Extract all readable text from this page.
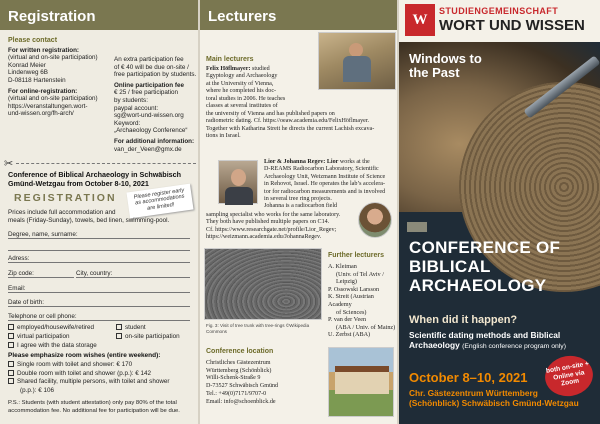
Registration
Please contact
For written registration:
(virtual and on-site participation)
Konrad Meier
Lindenweg 6B
D-08118 Hartenstein
For online-registration:
(virtual and on-site participation)
https://veranstaltungen.wort-
und-wissen.org/fh-arch/
An extra participation fee
of € 40 will be due on-site /
free participation by students.
Online participation fee
€ 25 / free participation
by students:
paypal account:
sg@wort-und-wissen.org
Keyword:
„Archaeology Conference“
For additional information:
van_der_Veen@gmx.de
✂
Conference of Biblical Archaeology in Schwäbisch
Gmünd-Wetzgau from October 8-10, 2021
REGISTRATION	Please register early as accommodations are limited!
Prices include full accommodation and
meals (Friday-Sunday), towels, bed linen, swimming-pool.
Degree, name, surname:
Adress:
Zip code:	City, country:
Email:
Date of birth:
Telephone or cell phone:
employed/housewife/retired
virtual participation
I agree with the data storage
student
on-site participation
Please emphasize room wishes (entire weekend):
Single room with toilet and shower: € 170
Double room with toilet and shower (p.p.): € 142
Shared facility, multiple persons, with toilet and shower
(p.p.): € 106
P.S.: Students (with student attestation) only pay 80% of the total
accommodation fee. No additional fee for participation will be due.
Lecturers
Main lecturers
Felix Höflmayer: studied
Egyptology and Archaeology
at the University of Vienna,
where he completed his doc-
toral studies in 2006. He teaches
classes at several institutes of
the university of Vienna and has published papers on
radiometric dating. Cf. https://oeaw.academia.edu/FelixHöflmayer.
Together with Katharina Streit he directs the current Lachish excava-
tions in Israel.
Lior & Johanna Regev: Lior works at the
D-REAMS Radiocarbon Laboratory, Scientific
Archaeology Unit, Weizmann Institute of Science
in Rehovot, Israel. He operates the lab’s accelera-
tor for radiocarbon measurements and is involved
in several tree ring projects.
Johanna is a radiocarbon field
sampling specialist who works for the same laboratory.
They both have published multiple papers on C14.
Cf. https://www.researchgate.net/profile/Lior_Regev;
https://weizmann.academia.edu/JohannaRegev.
Fig. 3: Visit of tree trunk with tree-rings ©Wikipedia Commons
Further lecturers
A. Kleiman
(Univ. of Tel Aviv /
Leipzig)
P. Ossowski Larsson
K. Streit (Austrian Academy
of Sciences)
P. van der Veen
(ABA / Univ. of Mainz)
U. Zerbst (ABA)
Conference location
Christliches Gästezentrum
Württemberg (Schönblick)
Willi-Schenk-Straße 9
D-73527 Schwäbisch Gmünd
Tel.: +49(0)7171/9707-0
Email: info@schoenblick.de
W
STUDIENGEMEINSCHAFT
WORT UND WISSEN
Windows to the Past
CONFERENCE OF BIBLICAL ARCHAEOLOGY
When did it happen?
Scientific dating methods and Biblical Archaeology (English conference program only)
both on-site + Online via Zoom
October 8–10, 2021
Chr. Gästezentrum Württemberg
(Schönblick) Schwäbisch Gmünd-Wetzgau
